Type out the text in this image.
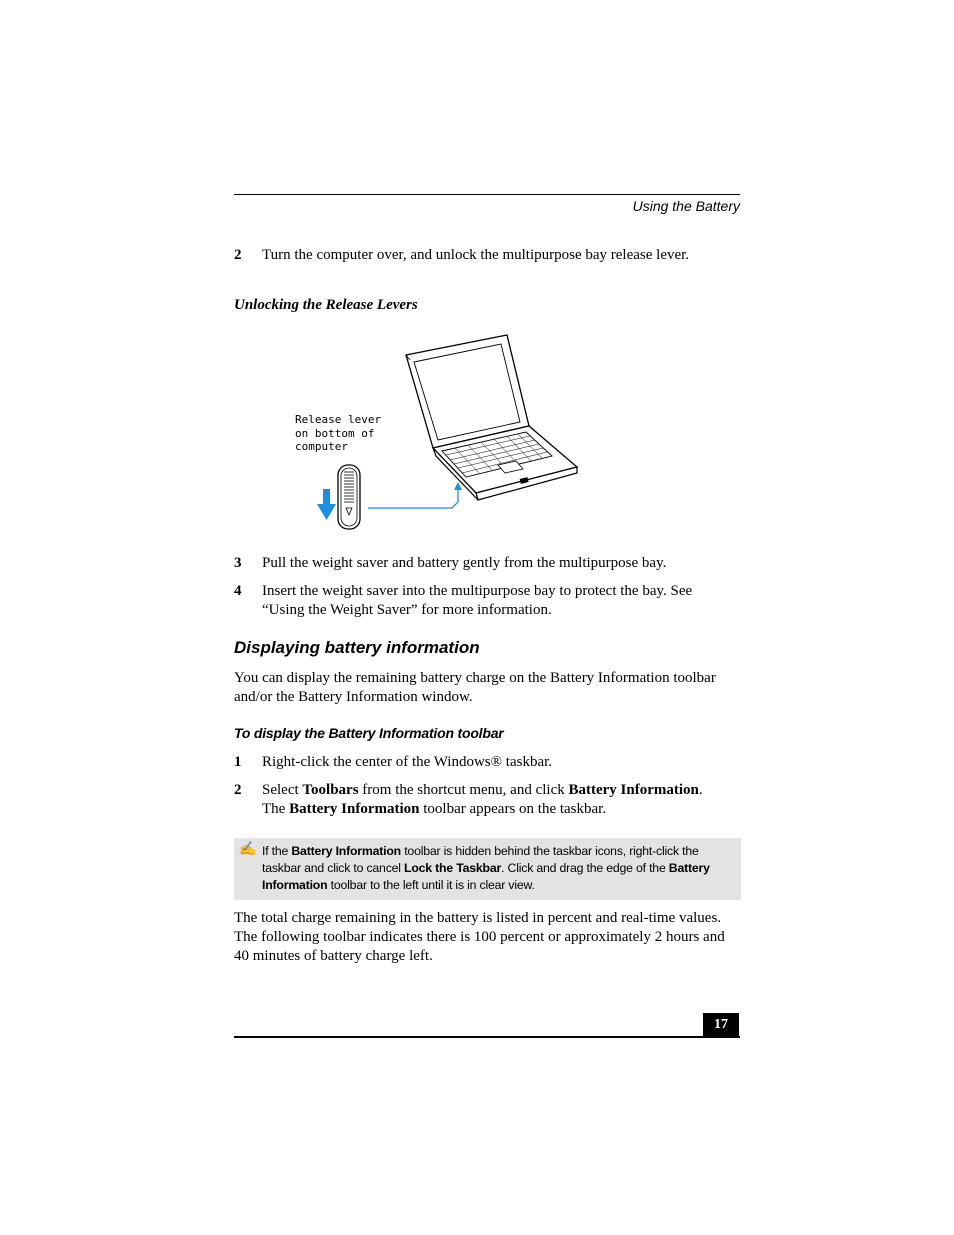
Using the Battery
2 Turn the computer over, and unlock the multipurpose bay release lever.
Unlocking the Release Levers
Release lever
on bottom of
computer
3 Pull the weight saver and battery gently from the multipurpose bay.
4 Insert the weight saver into the multipurpose bay to protect the bay. See
“Using the Weight Saver” for more information.
Displaying battery information
You can display the remaining battery charge on the Battery Information toolbar
and/or the Battery Information window.
To display the Battery Information toolbar
1 Right-click the center of the Windows® taskbar.
2 Select Toolbars from the shortcut menu, and click Battery Information.
The Battery Information toolbar appears on the taskbar.
✍ If the Battery Information toolbar is hidden behind the taskbar icons, right-click the
taskbar and click to cancel Lock the Taskbar. Click and drag the edge of the Battery
Information toolbar to the left until it is in clear view.
The total charge remaining in the battery is listed in percent and real-time values.
The following toolbar indicates there is 100 percent or approximately 2 hours and
40 minutes of battery charge left.
17
